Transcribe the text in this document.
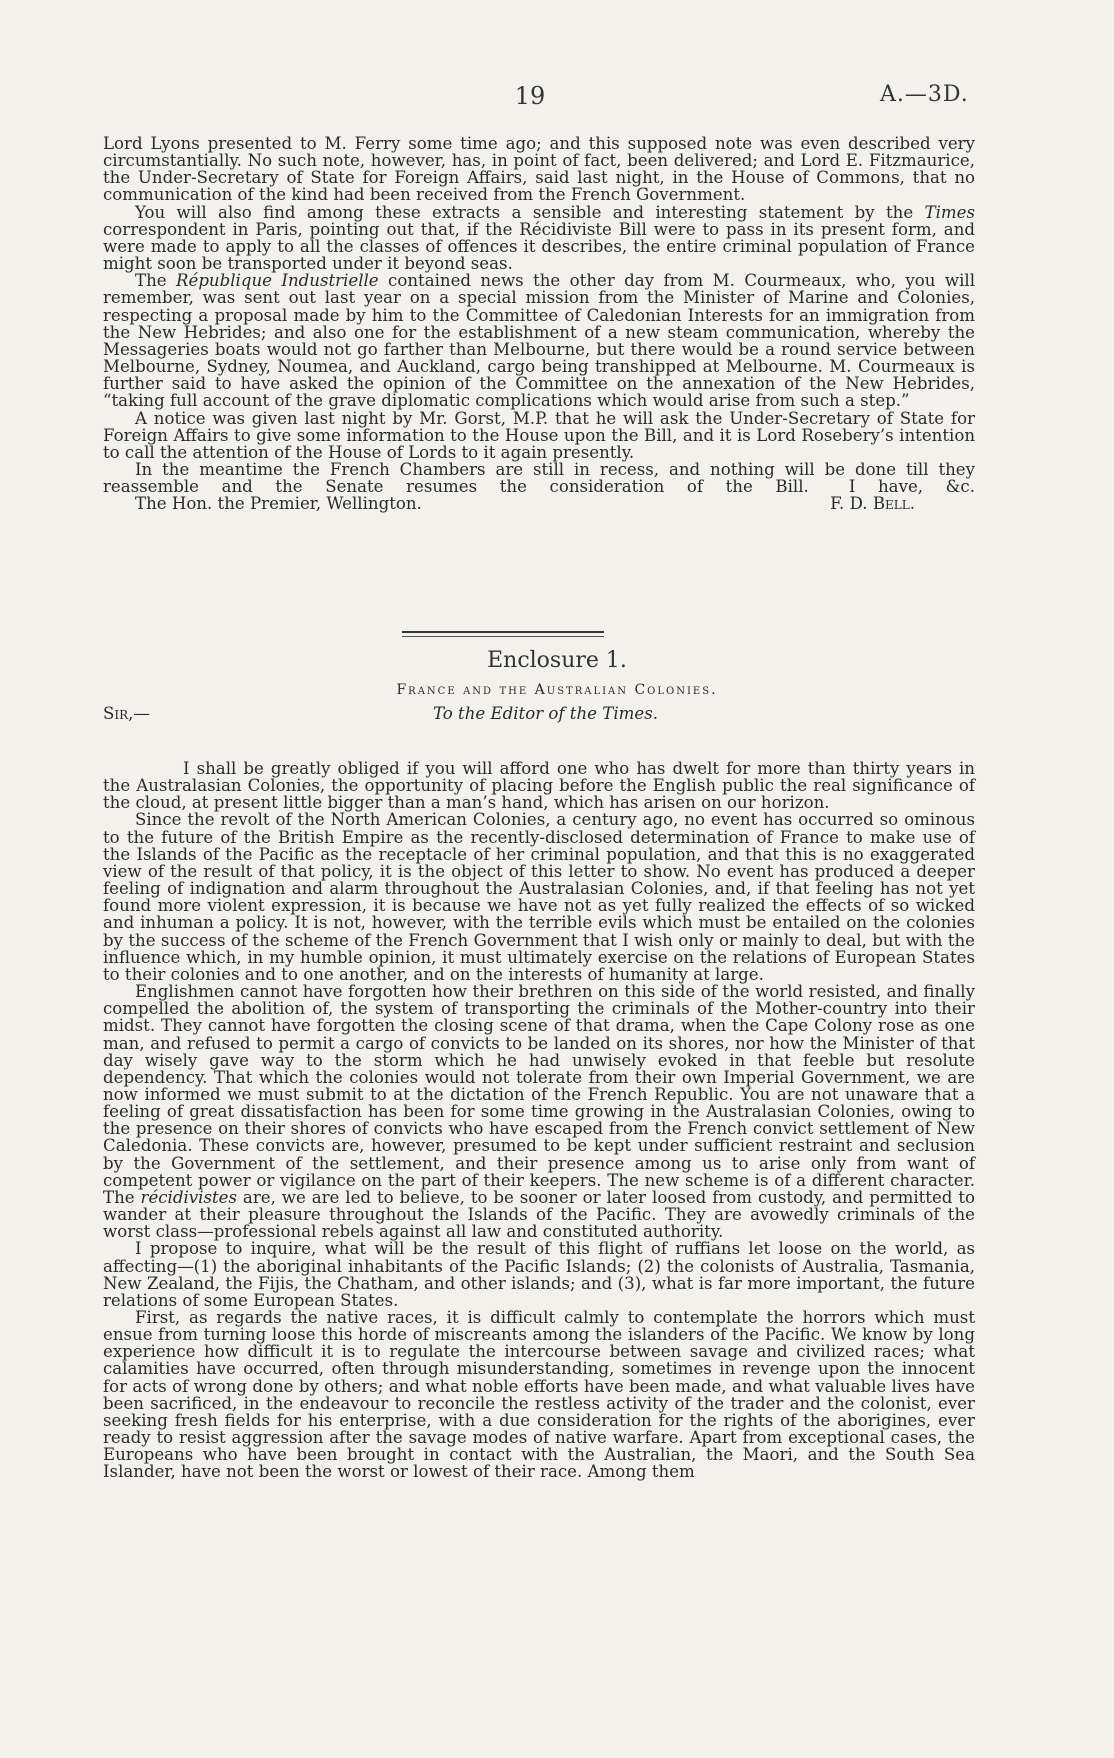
19	A.—3D.

Lord Lyons presented to M. Ferry some time ago; and this supposed note was even described very circumstantially. No such note, however, has, in point of fact, been delivered; and Lord E. Fitzmaurice, the Under-Secretary of State for Foreign Affairs, said last night, in the House of Commons, that no communication of the kind had been received from the French Government.

You will also find among these extracts a sensible and interesting statement by the Times correspondent in Paris, pointing out that, if the Récidiviste Bill were to pass in its present form, and were made to apply to all the classes of offences it describes, the entire criminal population of France might soon be transported under it beyond seas.

The République Industrielle contained news the other day from M. Courmeaux, who, you will remember, was sent out last year on a special mission from the Minister of Marine and Colonies, respecting a proposal made by him to the Committee of Caledonian Interests for an immigration from the New Hebrides; and also one for the establishment of a new steam communication, whereby the Messageries boats would not go farther than Melbourne, but there would be a round service between Melbourne, Sydney, Noumea, and Auckland, cargo being transhipped at Melbourne. M. Courmeaux is further said to have asked the opinion of the Committee on the annexation of the New Hebrides, “taking full account of the grave diplomatic complications which would arise from such a step.”

A notice was given last night by Mr. Gorst, M.P. that he will ask the Under-Secretary of State for Foreign Affairs to give some information to the House upon the Bill, and it is Lord Rosebery’s intention to call the attention of the House of Lords to it again presently.

In the meantime the French Chambers are still in recess, and nothing will be done till they reassemble and the Senate resumes the consideration of the Bill. I have, &c.

The Hon. the Premier, Wellington.	F. D. Bell.
Enclosure 1.
France and the Australian Colonies.
Sir,—	To the Editor of the Times.

I shall be greatly obliged if you will afford one who has dwelt for more than thirty years in the Australasian Colonies, the opportunity of placing before the English public the real significance of the cloud, at present little bigger than a man’s hand, which has arisen on our horizon.

Since the revolt of the North American Colonies, a century ago, no event has occurred so ominous to the future of the British Empire as the recently-disclosed determination of France to make use of the Islands of the Pacific as the receptacle of her criminal population, and that this is no exaggerated view of the result of that policy, it is the object of this letter to show. No event has produced a deeper feeling of indignation and alarm throughout the Australasian Colonies, and, if that feeling has not yet found more violent expression, it is because we have not as yet fully realized the effects of so wicked and inhuman a policy. It is not, however, with the terrible evils which must be entailed on the colonies by the success of the scheme of the French Government that I wish only or mainly to deal, but with the influence which, in my humble opinion, it must ultimately exercise on the relations of European States to their colonies and to one another, and on the interests of humanity at large.

Englishmen cannot have forgotten how their brethren on this side of the world resisted, and finally compelled the abolition of, the system of transporting the criminals of the Mother-country into their midst. They cannot have forgotten the closing scene of that drama, when the Cape Colony rose as one man, and refused to permit a cargo of convicts to be landed on its shores, nor how the Minister of that day wisely gave way to the storm which he had unwisely evoked in that feeble but resolute dependency. That which the colonies would not tolerate from their own Imperial Government, we are now informed we must submit to at the dictation of the French Republic. You are not unaware that a feeling of great dissatisfaction has been for some time growing in the Australasian Colonies, owing to the presence on their shores of convicts who have escaped from the French convict settlement of New Caledonia. These convicts are, however, presumed to be kept under sufficient restraint and seclusion by the Government of the settlement, and their presence among us to arise only from want of competent power or vigilance on the part of their keepers. The new scheme is of a different character. The récidivistes are, we are led to believe, to be sooner or later loosed from custody, and permitted to wander at their pleasure throughout the Islands of the Pacific. They are avowedly criminals of the worst class—professional rebels against all law and constituted authority.

I propose to inquire, what will be the result of this flight of ruffians let loose on the world, as affecting—(1) the aboriginal inhabitants of the Pacific Islands; (2) the colonists of Australia, Tasmania, New Zealand, the Fijis, the Chatham, and other islands; and (3), what is far more important, the future relations of some European States.

First, as regards the native races, it is difficult calmly to contemplate the horrors which must ensue from turning loose this horde of miscreants among the islanders of the Pacific. We know by long experience how difficult it is to regulate the intercourse between savage and civilized races; what calamities have occurred, often through misunderstanding, sometimes in revenge upon the innocent for acts of wrong done by others; and what noble efforts have been made, and what valuable lives have been sacrificed, in the endeavour to reconcile the restless activity of the trader and the colonist, ever seeking fresh fields for his enterprise, with a due consideration for the rights of the aborigines, ever ready to resist aggression after the savage modes of native warfare. Apart from exceptional cases, the Europeans who have been brought in contact with the Australian, the Maori, and the South Sea Islander, have not been the worst or lowest of their race. Among them
